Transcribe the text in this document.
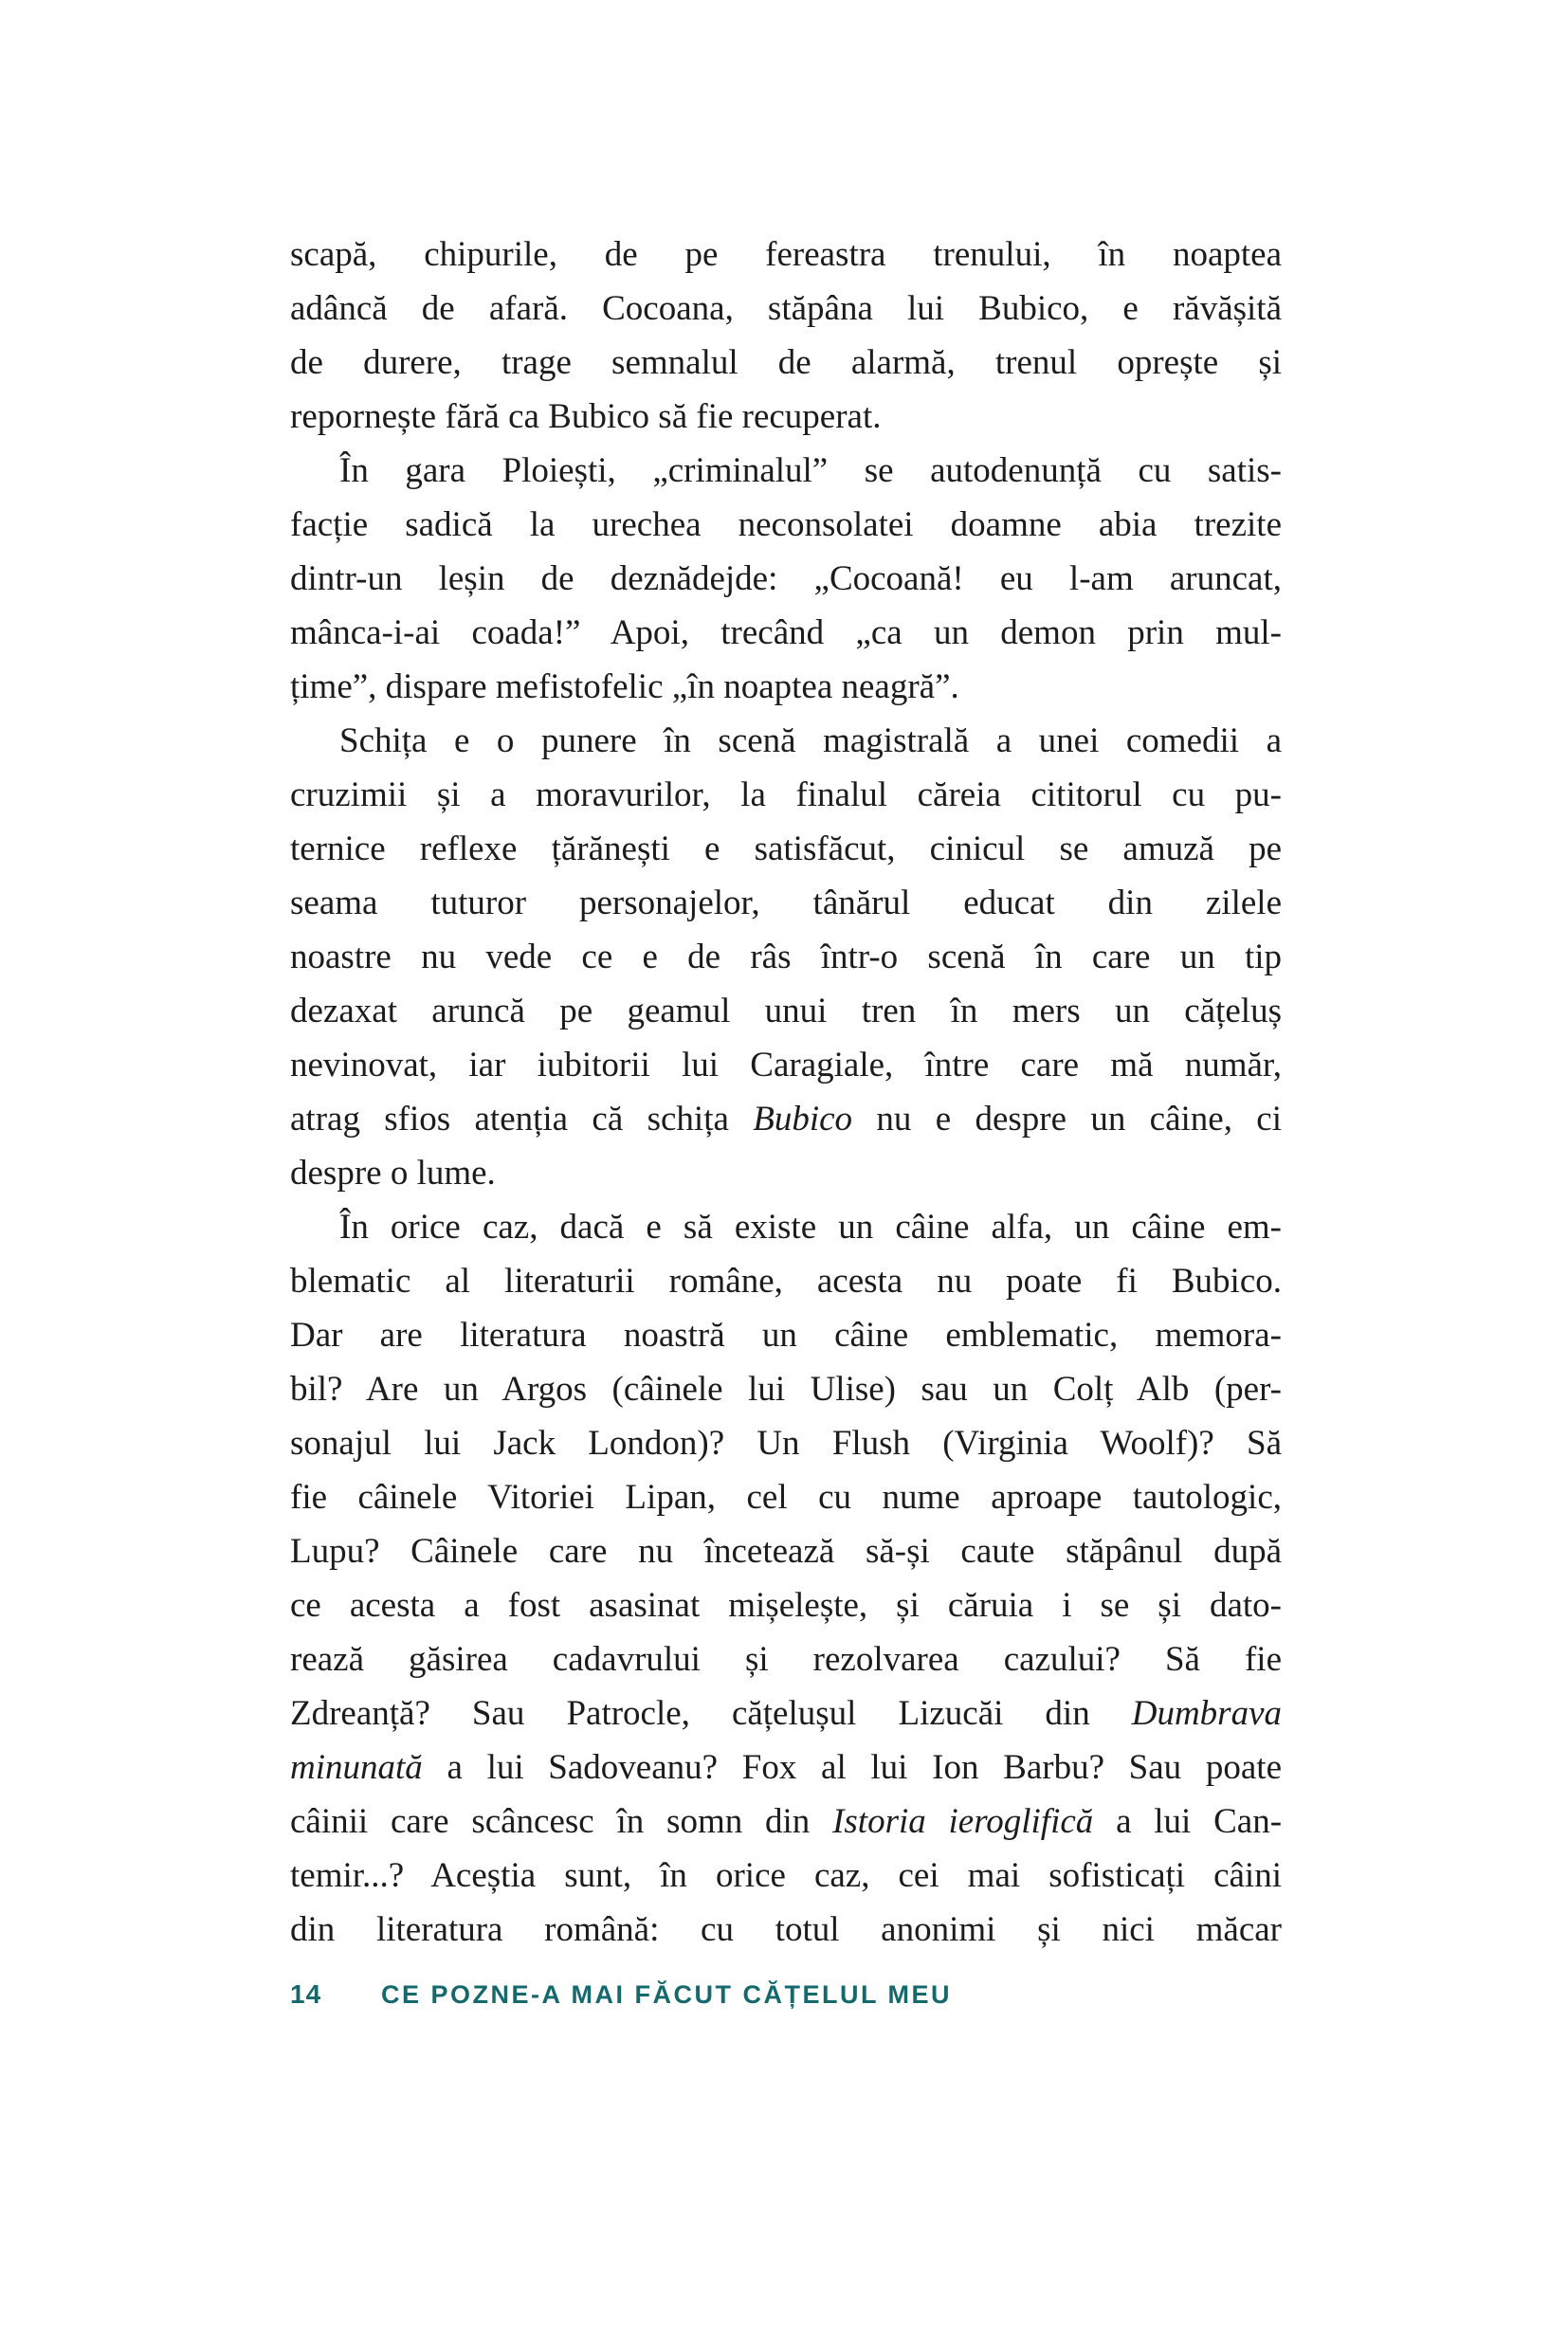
scapă, chipurile, de pe fereastra trenului, în noaptea
adâncă de afară. Cocoana, stăpâna lui Bubico, e răvășită
de durere, trage semnalul de alarmă, trenul oprește și
repornește fără ca Bubico să fie recuperat.
În gara Ploiești, „criminalul” se autodenunță cu satis-
facție sadică la urechea neconsolatei doamne abia trezite
dintr-un leșin de deznădejde: „Cocoană! eu l-am aruncat,
mânca-i-ai coada!” Apoi, trecând „ca un demon prin mul-
țime”, dispare mefistofelic „în noaptea neagră”.
Schița e o punere în scenă magistrală a unei comedii a
cruzimii și a moravurilor, la finalul căreia cititorul cu pu-
ternice reflexe țărănești e satisfăcut, cinicul se amuză pe
seama tuturor personajelor, tânărul educat din zilele
noastre nu vede ce e de râs într-o scenă în care un tip
dezaxat aruncă pe geamul unui tren în mers un cățeluș
nevinovat, iar iubitorii lui Caragiale, între care mă număr,
atrag sfios atenția că schița Bubico nu e despre un câine, ci
despre o lume.
În orice caz, dacă e să existe un câine alfa, un câine em-
blematic al literaturii române, acesta nu poate fi Bubico.
Dar are literatura noastră un câine emblematic, memora-
bil? Are un Argos (câinele lui Ulise) sau un Colț Alb (per-
sonajul lui Jack London)? Un Flush (Virginia Woolf)? Să
fie câinele Vitoriei Lipan, cel cu nume aproape tautologic,
Lupu? Câinele care nu încetează să-și caute stăpânul după
ce acesta a fost asasinat mișelește, și căruia i se și dato-
rează găsirea cadavrului și rezolvarea cazului? Să fie
Zdreanță? Sau Patrocle, cățelușul Lizucăi din Dumbrava
minunată a lui Sadoveanu? Fox al lui Ion Barbu? Sau poate
câinii care scâncesc în somn din Istoria ieroglifică a lui Can-
temir...? Aceștia sunt, în orice caz, cei mai sofisticați câini
din literatura română: cu totul anonimi și nici măcar
14	CE POZNE-A MAI FĂCUT CĂȚELUL MEU
